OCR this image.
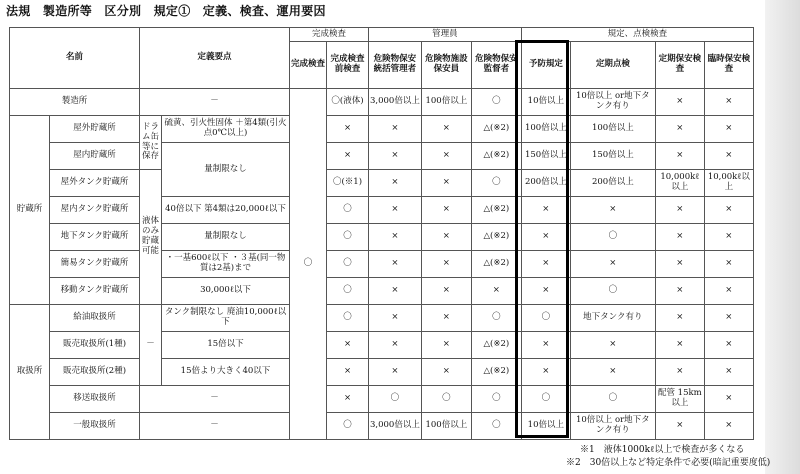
法規　製造所等　区分別　規定①　定義、検査、運用要因
名前		定義要点		完成検査		管理員			規定、点検検査			
				完成検査	完成検査前検査	危険物保安統括管理者	危険物施設保安員	危険物保安監督者	予防規定	定期点検	定期保安検査	臨時保安検査
製造所		－		〇	〇(液体)	3,000倍以上	100倍以上	〇	10倍以上	10倍以上 or地下タンク有り	×	×
貯蔵所	屋外貯蔵所	ドラム缶等に保存	硫黄、引火性固体 ＋第4類(引火点0℃以上)		×	×	×	△(※2)	100倍以上	100倍以上	×	×
	屋内貯蔵所		量制限なし		×	×	×	△(※2)	150倍以上	150倍以上	×	×
	屋外タンク貯蔵所	液体のみ貯蔵可能			〇(※1)	×	×	〇	200倍以上	200倍以上	10,000kℓ以上	10,00kℓ以上
	屋内タンク貯蔵所		40倍以下 第4類は20,000ℓ以下		〇	×	×	△(※2)	×	×	×	×
	地下タンク貯蔵所		量制限なし		〇	×	×	△(※2)	×	〇	×	×
	簡易タンク貯蔵所		・一基600ℓ以下 ・３基(同一物質は2基)まで		〇	×	×	△(※2)	×	×	×	×
	移動タンク貯蔵所		30,000ℓ以下		〇	×	×	×	×	〇	×	×
取扱所	給油取扱所	－	タンク制限なし 廃油10,000ℓ以下		〇	×	×	〇	〇	地下タンク有り	×	×
	販売取扱所(1種)		15倍以下		×	×	×	△(※2)	×	×	×	×
	販売取扱所(2種)		15倍より大きく40以下		×	×	×	△(※2)	×	×	×	×
	移送取扱所	－			×	〇	〇	〇	〇	〇	配管 15km以上	×
	一般取扱所	－			〇	3,000倍以上	100倍以上	〇	10倍以上	10倍以上 or地下タンク有り	×	×
※1　液体1000kℓ以上で検査が多くなる
※2　30倍以上など特定条件で必要(暗記重要度低)
